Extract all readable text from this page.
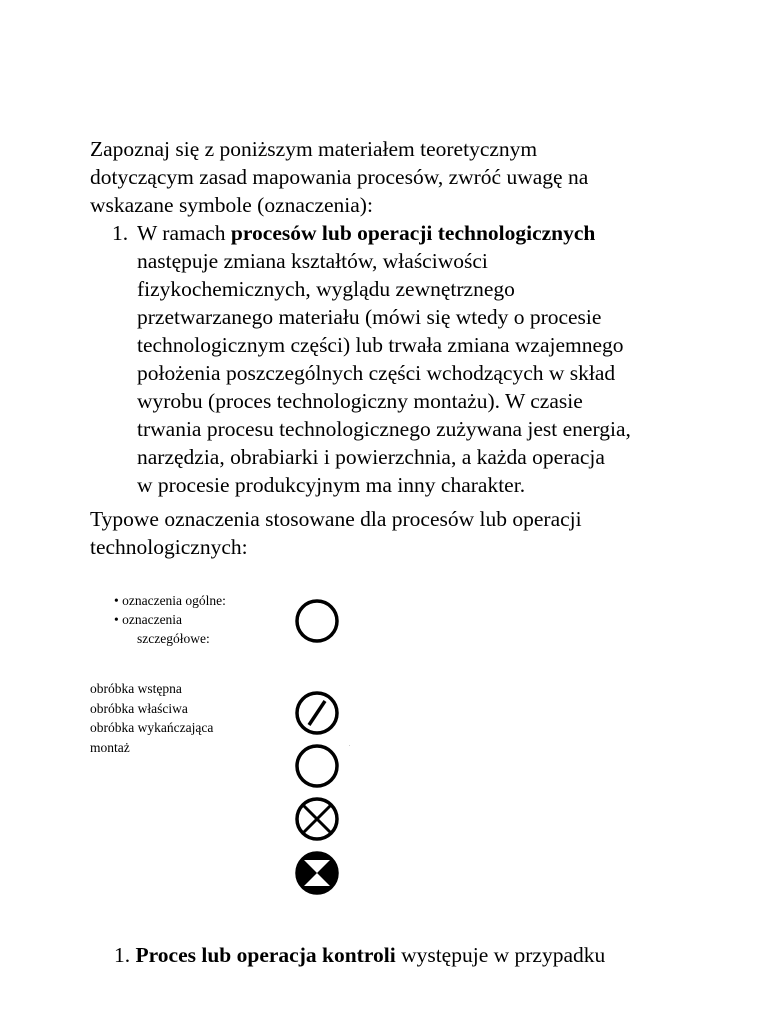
Zapoznaj się z poniższym materiałem teoretycznym
dotyczącym zasad mapowania procesów, zwróć uwagę na
wskazane symbole (oznaczenia):
1. W ramach procesów lub operacji technologicznych
następuje zmiana kształtów, właściwości
fizykochemicznych, wyglądu zewnętrznego
przetwarzanego materiału (mówi się wtedy o procesie
technologicznym części) lub trwała zmiana wzajemnego
położenia poszczególnych części wchodzących w skład
wyrobu (proces technologiczny montażu). W czasie
trwania procesu technologicznego zużywana jest energia,
narzędzia, obrabiarki i powierzchnia, a każda operacja
w procesie produkcyjnym ma inny charakter.
Typowe oznaczenia stosowane dla procesów lub operacji
technologicznych:
• oznaczenia ogólne:
• oznaczenia
szczegółowe:
obróbka wstępna
obróbka właściwa
obróbka wykańczająca
montaż
1. Proces lub operacja kontroli występuje w przypadku
